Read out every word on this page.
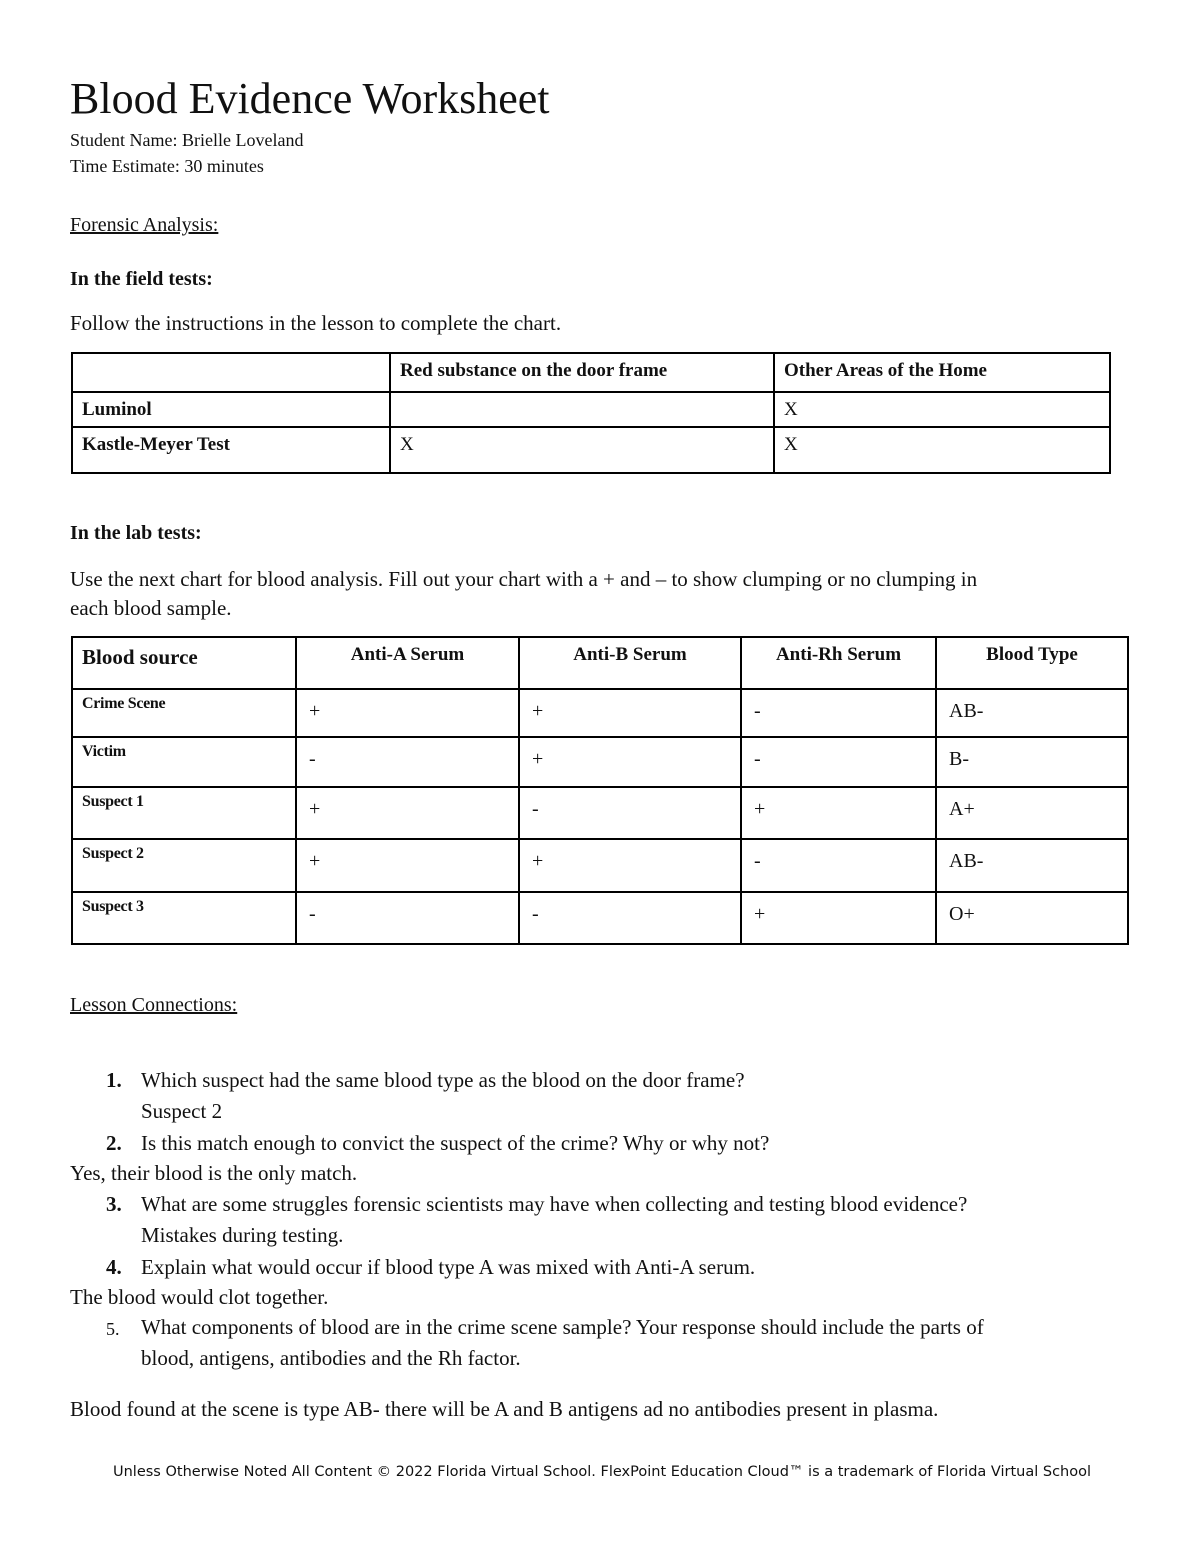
Blood Evidence Worksheet
Student Name: Brielle Loveland
Time Estimate: 30 minutes
Forensic Analysis:
In the field tests:
Follow the instructions in the lesson to complete the chart.

	Red substance on the door frame	Other Areas of the Home

Luminol		X

Kastle-Meyer Test	X	X
In the lab tests:
Use the next chart for blood analysis. Fill out your chart with a + and – to show clumping or no clumping in
each blood sample.
Blood source	Anti-A Serum	Anti-B Serum	Anti-Rh Serum	Blood Type

Crime Scene	+	+	-	AB-

Victim	-	+	-	B-

Suspect 1	+	-	+	A+

Suspect 2	+	+	-	AB-

Suspect 3	-	-	+	O+
Lesson Connections:
1. Which suspect had the same blood type as the blood on the door frame?
Suspect 2
2. Is this match enough to convict the suspect of the crime? Why or why not?
Yes, their blood is the only match.
3. What are some struggles forensic scientists may have when collecting and testing blood evidence?
Mistakes during testing.
4. Explain what would occur if blood type A was mixed with Anti-A serum.
The blood would clot together.
5. What components of blood are in the crime scene sample? Your response should include the parts of
blood, antigens, antibodies and the Rh factor.
Blood found at the scene is type AB- there will be A and B antigens ad no antibodies present in plasma.
Unless Otherwise Noted All Content © 2022 Florida Virtual School. FlexPoint Education Cloud™ is a trademark of Florida Virtual School
